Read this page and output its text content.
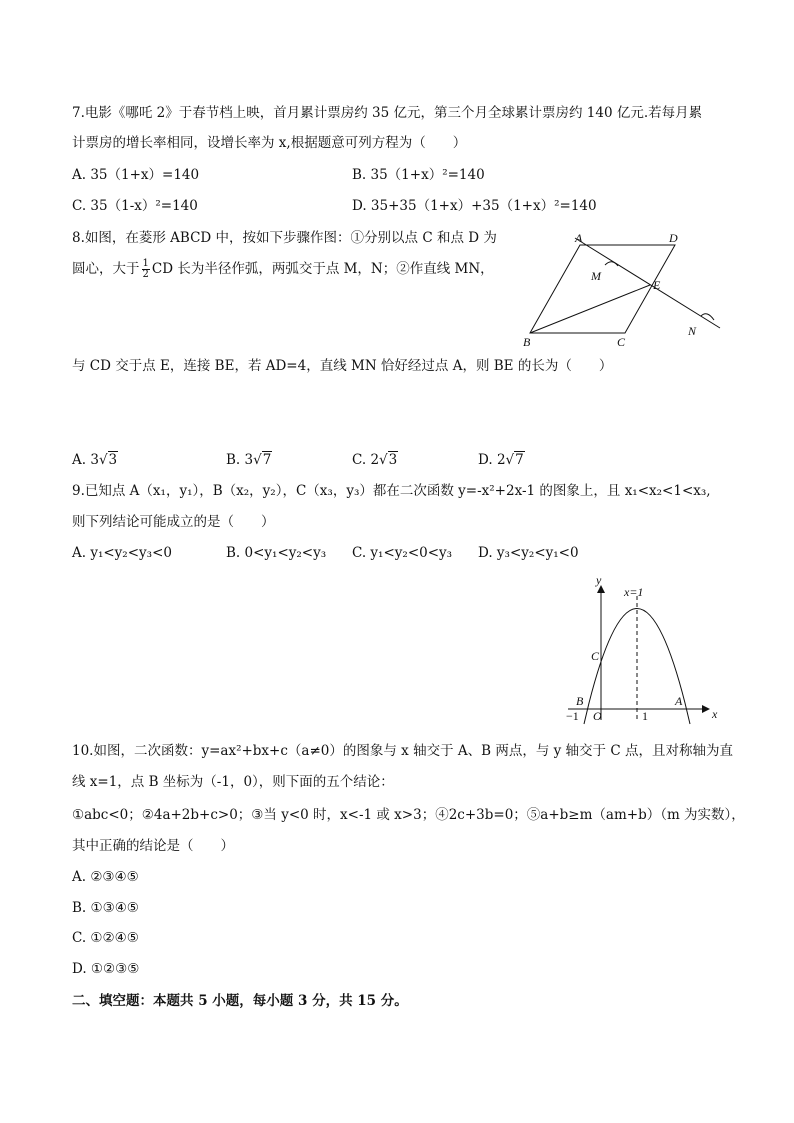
7.电影《哪吒 2》于春节档上映，首月累计票房约 35 亿元，第三个月全球累计票房约 140 亿元.若每月累
计票房的增长率相同，设增长率为 x,根据题意可列方程为（　　）
A. 35（1+x）=140	B. 35（1+x）²=140
C. 35（1-x）²=140	D. 35+35（1+x）+35（1+x）²=140
8.如图，在菱形 ABCD 中，按如下步骤作图：①分别以点 C 和点 D 为
圆心，大于 $\frac{1}{2}$ CD 长为半径作弧，两弧交于点 M，N；②作直线 MN，
A	D
M
E
B	C
N
与 CD 交于点 E，连接 BE，若 AD=4，直线 MN 恰好经过点 A，则 BE 的长为（　　）
A. 3√3	B. 3√7	C. 2√3	D. 2√7
9.已知点 A（x₁，y₁），B（x₂，y₂），C（x₃，y₃）都在二次函数 y=-x²+2x-1 的图象上，且 x₁<x₂<1<x₃,
则下列结论可能成立的是（　　）
A. y₁<y₂<y₃<0	B. 0<y₁<y₂<y₃ C. y₁<y₂<0<y₃ D. y₃<y₂<y₁<0
y
x
x=1
C
B	A
O
−1	1
10.如图，二次函数：y=ax²+bx+c（a≠0）的图象与 x 轴交于 A、B 两点，与 y 轴交于 C 点，且对称轴为直
线 x=1，点 B 坐标为（-1，0），则下面的五个结论：
①abc<0；②4a+2b+c>0；③当 y<0 时，x<-1 或 x>3；④2c+3b=0；⑤a+b≥m（am+b）（m 为实数），
其中正确的结论是（　　）
A. ②③④⑤
B. ①③④⑤
C. ①②④⑤
D. ①②③⑤
二、填空题：本题共 5 小题，每小题 3 分，共 15 分。
